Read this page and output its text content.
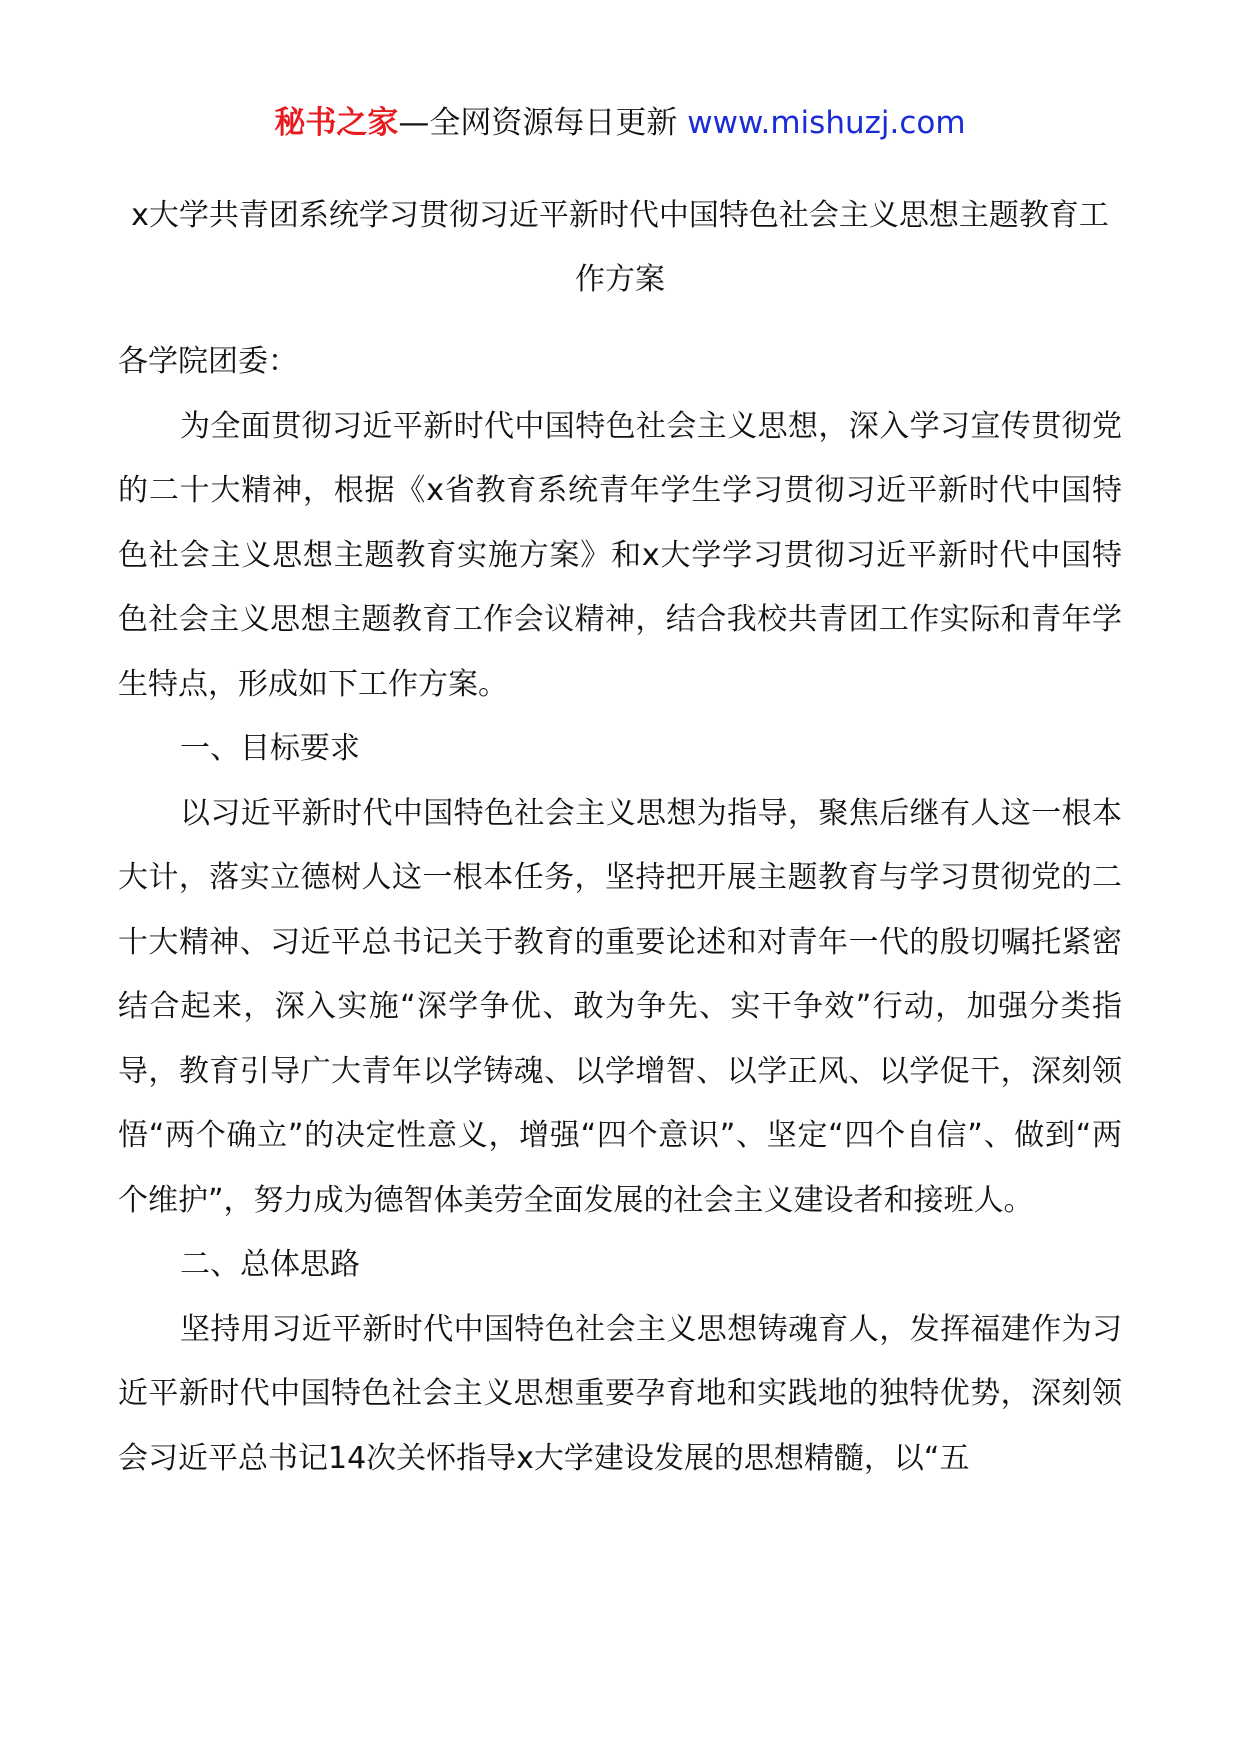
秘书之家—全网资源每日更新 www.mishuzj.com
x大学共青团系统学习贯彻习近平新时代中国特色社会主义思想主题教育工作方案

各学院团委：

为全面贯彻习近平新时代中国特色社会主义思想，深入学习宣传贯彻党的二十大精神，根据《x省教育系统青年学生学习贯彻习近平新时代中国特色社会主义思想主题教育实施方案》和x大学学习贯彻习近平新时代中国特色社会主义思想主题教育工作会议精神，结合我校共青团工作实际和青年学生特点，形成如下工作方案。

一、目标要求

以习近平新时代中国特色社会主义思想为指导，聚焦后继有人这一根本大计，落实立德树人这一根本任务，坚持把开展主题教育与学习贯彻党的二十大精神、习近平总书记关于教育的重要论述和对青年一代的殷切嘱托紧密结合起来，深入实施“深学争优、敢为争先、实干争效”行动，加强分类指导，教育引导广大青年以学铸魂、以学增智、以学正风、以学促干，深刻领悟“两个确立”的决定性意义，增强“四个意识”、坚定“四个自信”、做到“两个维护”，努力成为德智体美劳全面发展的社会主义建设者和接班人。

二、总体思路

坚持用习近平新时代中国特色社会主义思想铸魂育人，发挥福建作为习近平新时代中国特色社会主义思想重要孕育地和实践地的独特优势，深刻领会习近平总书记14次关怀指导x大学建设发展的思想精髓，以“五
